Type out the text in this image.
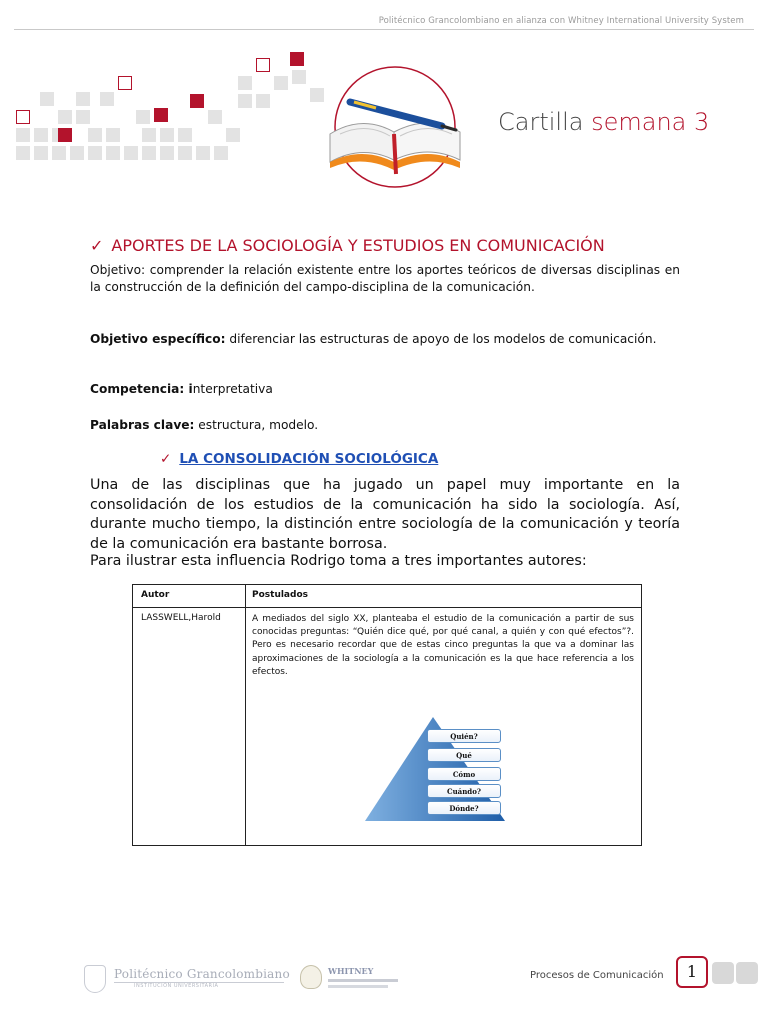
Politécnico Grancolombiano en alianza con Whitney International University System
Cartilla semana 3
✓ APORTES DE LA SOCIOLOGÍA Y ESTUDIOS EN COMUNICACIÓN
Objetivo: comprender la relación existente entre los aportes teóricos de diversas disciplinas en la construcción de la definición del campo-disciplina de la comunicación.
Objetivo específico: diferenciar las estructuras de apoyo de los modelos de comunicación.
Competencia: interpretativa
Palabras clave: estructura, modelo.
✓ LA CONSOLIDACIÓN SOCIOLÓGICA
Una de las disciplinas que ha jugado un papel muy importante en la consolidación de los estudios de la comunicación ha sido la sociología. Así, durante mucho tiempo, la distinción entre sociología de la comunicación y teoría de la comunicación era bastante borrosa.
Para ilustrar esta influencia Rodrigo toma a tres importantes autores:
Autor	Postulados
LASSWELL,Harold	A mediados del siglo XX, planteaba el estudio de la comunicación a partir de sus conocidas preguntas: “Quién dice qué, por qué canal, a quién y con qué efectos”?. Pero es necesario recordar que de estas cinco preguntas la que va a dominar las aproximaciones de la sociología a la comunicación es la que hace referencia a los efectos.
Quién?
Qué
Cómo
Cuándo?
Dónde?
Politécnico Grancolombiano
INSTITUCIÓN UNIVERSITARIA
WHITNEY	Procesos de Comunicación	1
